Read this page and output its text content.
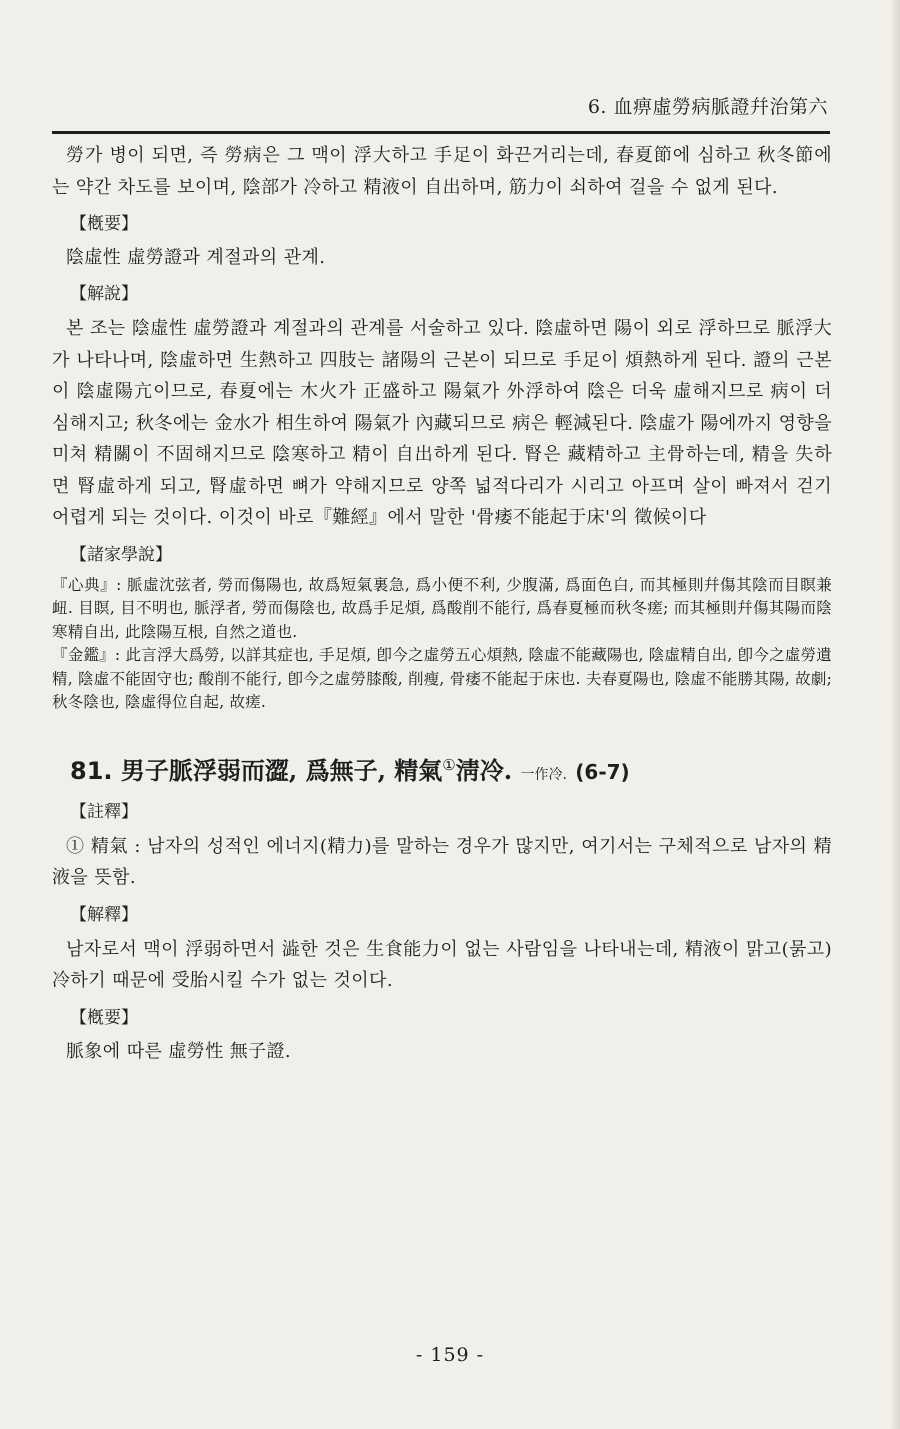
6. 血痹虛勞病脈證幷治第六

勞가 병이 되면, 즉 勞病은 그 맥이 浮大하고 手足이 화끈거리는데, 春夏節에 심하고 秋冬節에는 약간 차도를 보이며, 陰部가 冷하고 精液이 自出하며, 筋力이 쇠하여 걸을 수 없게 된다.

【槪要】

陰虛性 虛勞證과 계절과의 관계.

【解說】

본 조는 陰虛性 虛勞證과 계절과의 관계를 서술하고 있다. 陰虛하면 陽이 외로 浮하므로 脈浮大가 나타나며, 陰虛하면 生熱하고 四肢는 諸陽의 근본이 되므로 手足이 煩熱하게 된다. 證의 근본이 陰虛陽亢이므로, 春夏에는 木火가 正盛하고 陽氣가 外浮하여 陰은 더욱 虛해지므로 病이 더 심해지고; 秋冬에는 金水가 相生하여 陽氣가 內藏되므로 病은 輕減된다. 陰虛가 陽에까지 영향을 미쳐 精關이 不固해지므로 陰寒하고 精이 自出하게 된다. 腎은 藏精하고 主骨하는데, 精을 失하면 腎虛하게 되고, 腎虛하면 뼈가 약해지므로 양쪽 넓적다리가 시리고 아프며 살이 빠져서 걷기 어렵게 되는 것이다. 이것이 바로『難經』에서 말한 '骨痿不能起于床'의 徵候이다

【諸家學說】

『心典』: 脈虛沈弦者, 勞而傷陽也, 故爲短氣裏急, 爲小便不利, 少腹滿, 爲面色白, 而其極則幷傷其陰而目瞑兼衄. 目瞑, 目不明也, 脈浮者, 勞而傷陰也, 故爲手足煩, 爲酸削不能行, 爲春夏極而秋冬瘥; 而其極則幷傷其陽而陰寒精自出, 此陰陽互根, 自然之道也.

『金鑑』: 此言浮大爲勞, 以詳其症也, 手足煩, 卽今之虛勞五心煩熱, 陰虛不能藏陽也, 陰虛精自出, 卽今之虛勞遺精, 陰虛不能固守也; 酸削不能行, 卽今之虛勞膝酸, 削瘦, 骨痿不能起于床也. 夫春夏陽也, 陰虛不能勝其陽, 故劇; 秋冬陰也, 陰虛得位自起, 故瘥.

81. 男子脈浮弱而澀, 爲無子, 精氣①淸冷. 一作冷. (6-7)
【註釋】

① 精氣 : 남자의 성적인 에너지(精力)를 말하는 경우가 많지만, 여기서는 구체적으로 남자의 精液을 뜻함.

【解釋】

남자로서 맥이 浮弱하면서 澁한 것은 生食能力이 없는 사람임을 나타내는데, 精液이 맑고(묽고) 冷하기 때문에 受胎시킬 수가 없는 것이다.

【槪要】

脈象에 따른 虛勞性 無子證.

- 159 -
